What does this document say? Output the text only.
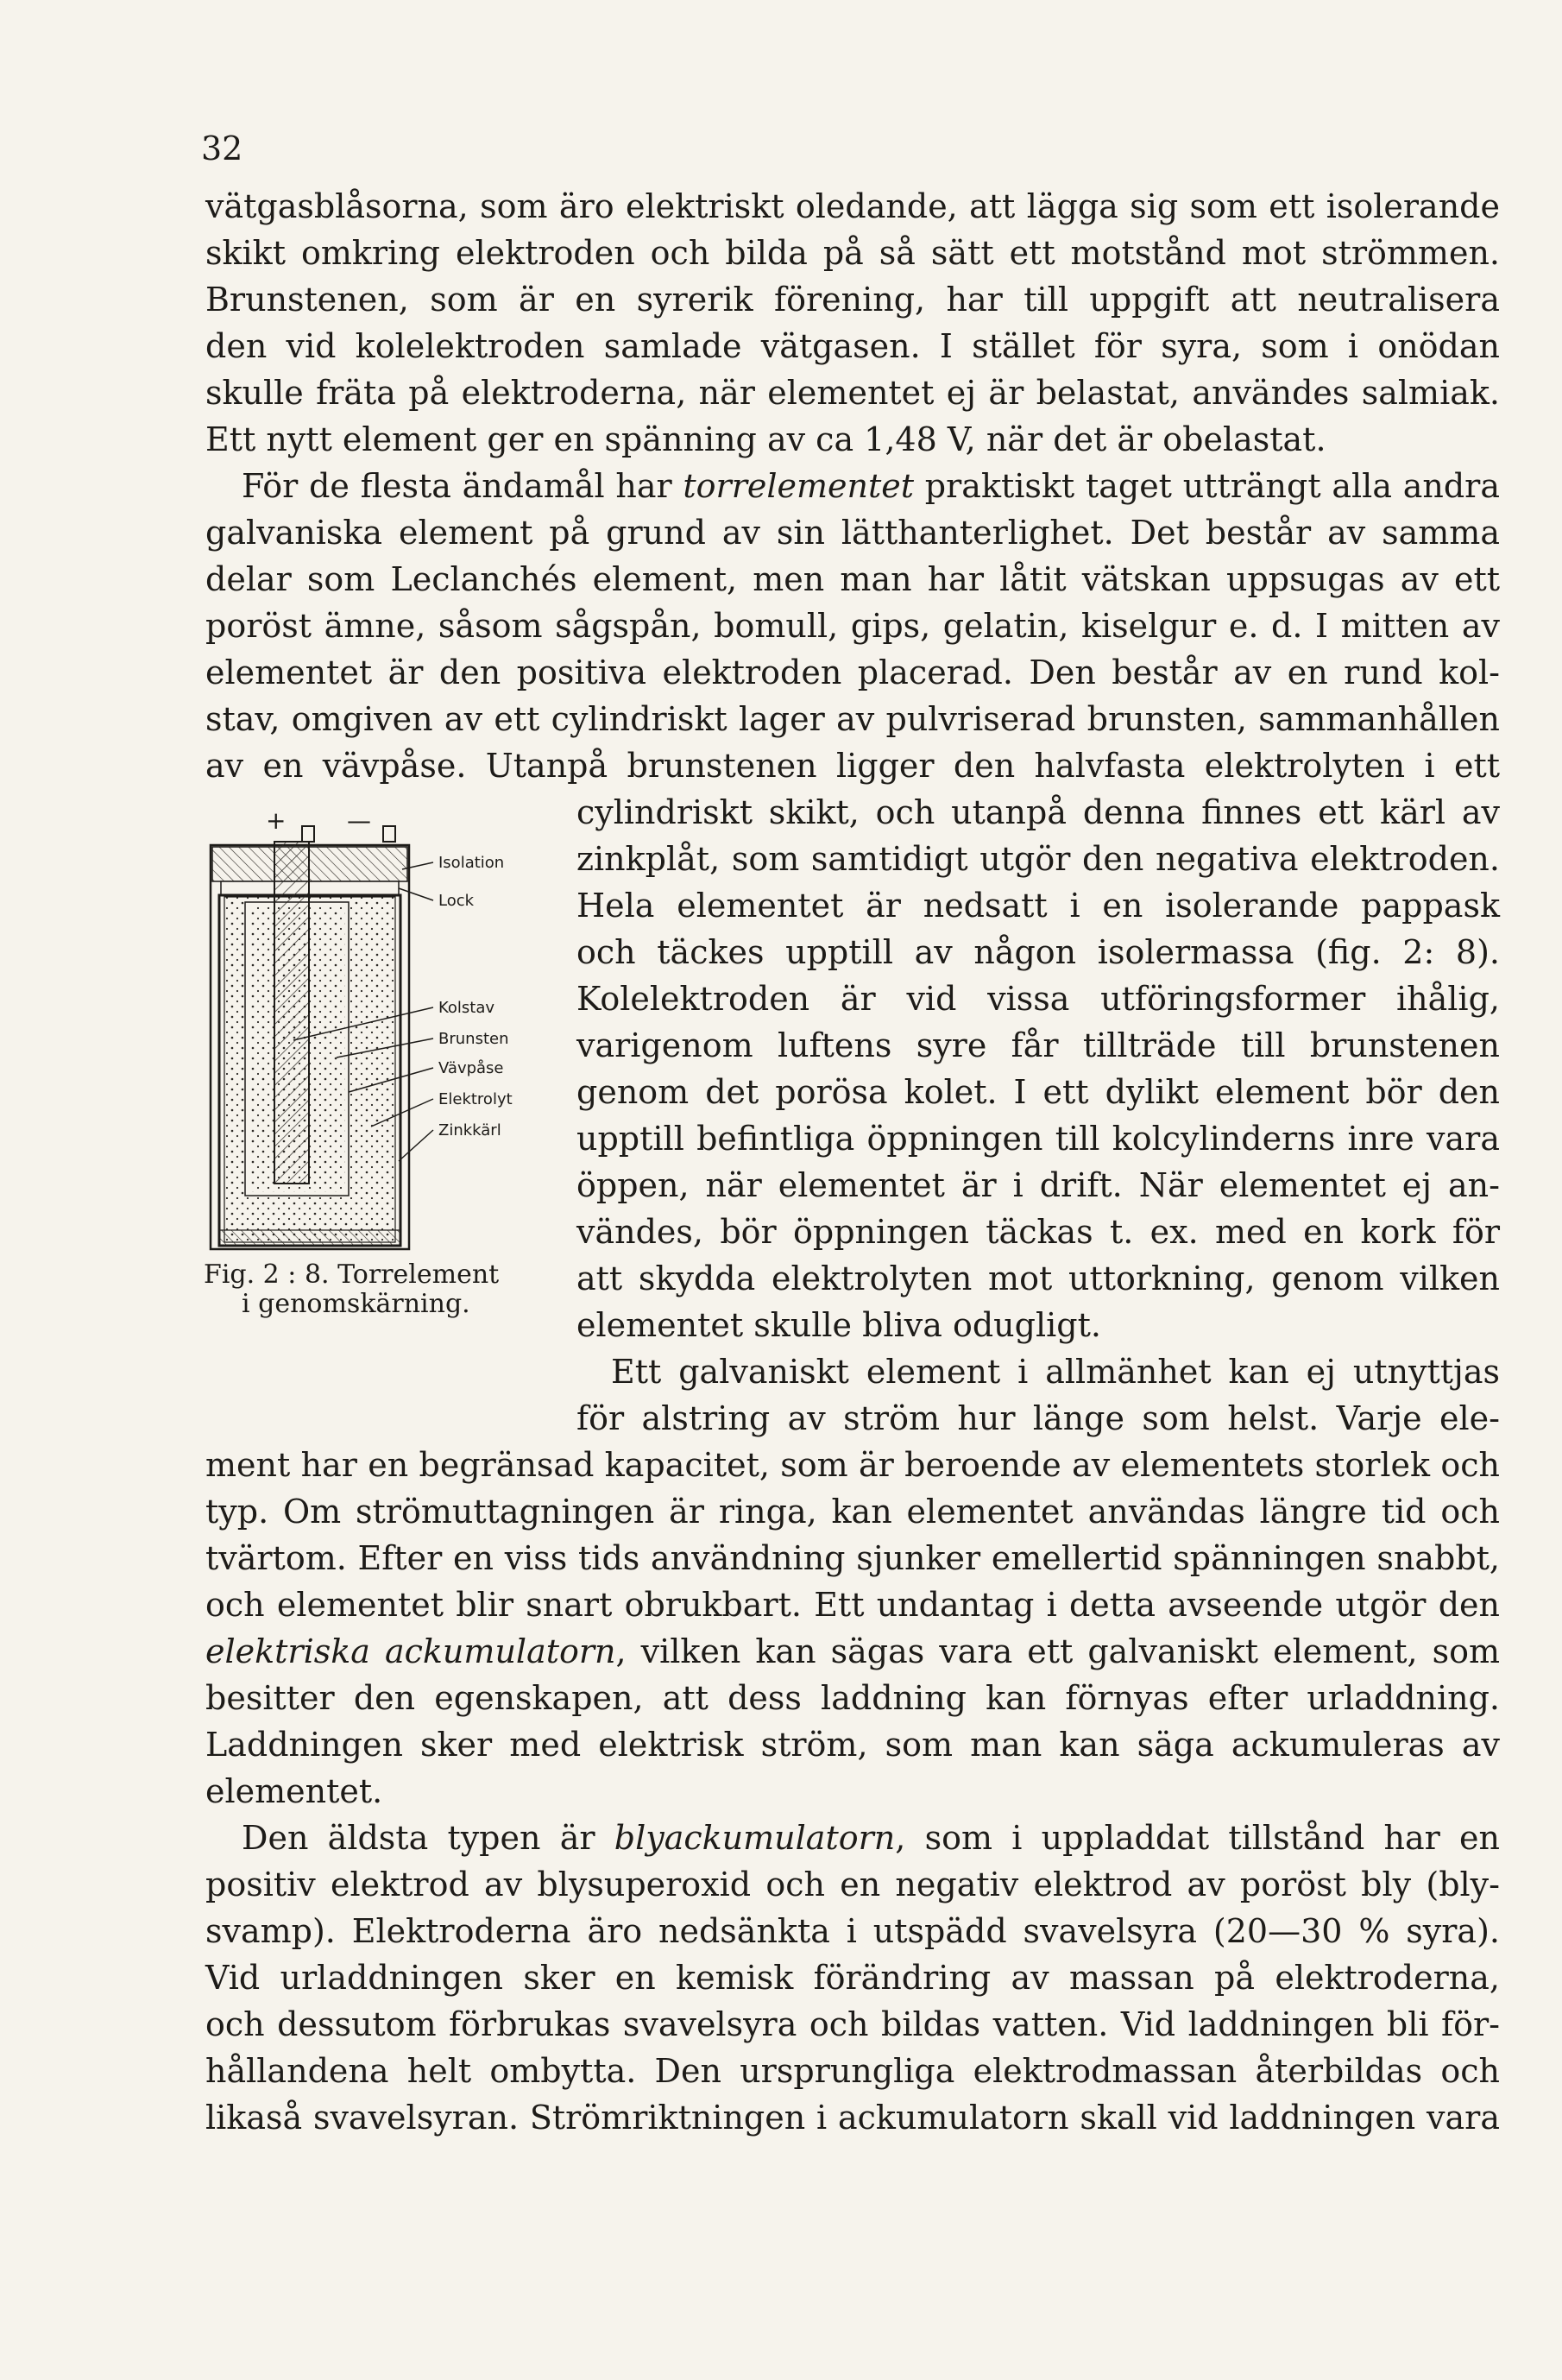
32
vätgasblåsorna, som äro elektriskt oledande, att lägga sig som ett isolerande
skikt omkring elektroden och bilda på så sätt ett motstånd mot strömmen.
Brunstenen, som är en syrerik förening, har till uppgift att neutralisera
den vid kolelektroden samlade vätgasen. I stället för syra, som i onödan
skulle fräta på elektroderna, när elementet ej är belastat, användes salmiak.
Ett nytt element ger en spänning av ca 1,48 V, när det är obelastat.
För de flesta ändamål har torrelementet praktiskt taget utträngt alla andra
galvaniska element på grund av sin lätthanterlighet. Det består av samma
delar som Leclanchés element, men man har låtit vätskan uppsugas av ett
poröst ämne, såsom sågspån, bomull, gips, gelatin, kiselgur e. d. I mitten av
elementet är den positiva elektroden placerad. Den består av en rund kol-
stav, omgiven av ett cylindriskt lager av pulvriserad brunsten, sammanhållen
av en vävpåse. Utanpå brunstenen ligger den halvfasta elektrolyten i ett
cylindriskt skikt, och utanpå denna finnes ett kärl av
zinkplåt, som samtidigt utgör den negativa elektroden.
Hela elementet är nedsatt i en isolerande pappask
och täckes upptill av någon isolermassa (fig. 2: 8).
Kolelektroden är vid vissa utföringsformer ihålig,
varigenom luftens syre får tillträde till brunstenen
genom det porösa kolet. I ett dylikt element bör den
upptill befintliga öppningen till kolcylinderns inre vara
öppen, när elementet är i drift. När elementet ej an-
vändes, bör öppningen täckas t. ex. med en kork för
att skydda elektrolyten mot uttorkning, genom vilken
elementet skulle bliva odugligt.
Ett galvaniskt element i allmänhet kan ej utnyttjas
för alstring av ström hur länge som helst. Varje ele-
ment har en begränsad kapacitet, som är beroende av elementets storlek och
typ. Om strömuttagningen är ringa, kan elementet användas längre tid och
tvärtom. Efter en viss tids användning sjunker emellertid spänningen snabbt,
och elementet blir snart obrukbart. Ett undantag i detta avseende utgör den
elektriska ackumulatorn, vilken kan sägas vara ett galvaniskt element, som
besitter den egenskapen, att dess laddning kan förnyas efter urladdning.
Laddningen sker med elektrisk ström, som man kan säga ackumuleras av
elementet.
Den äldsta typen är blyackumulatorn, som i uppladdat tillstånd har en
positiv elektrod av blysuperoxid och en negativ elektrod av poröst bly (bly-
svamp). Elektroderna äro nedsänkta i utspädd svavelsyra (20—30 % syra).
Vid urladdningen sker en kemisk förändring av massan på elektroderna,
och dessutom förbrukas svavelsyra och bildas vatten. Vid laddningen bli för-
hållandena helt ombytta. Den ursprungliga elektrodmassan återbildas och
likaså svavelsyran. Strömriktningen i ackumulatorn skall vid laddningen vara
+	—
Isolation
Lock
Kolstav
Brunsten
Vävpåse
Elektrolyt
Zinkkärl
Fig. 2 : 8. Torrelement
i genomskärning.
